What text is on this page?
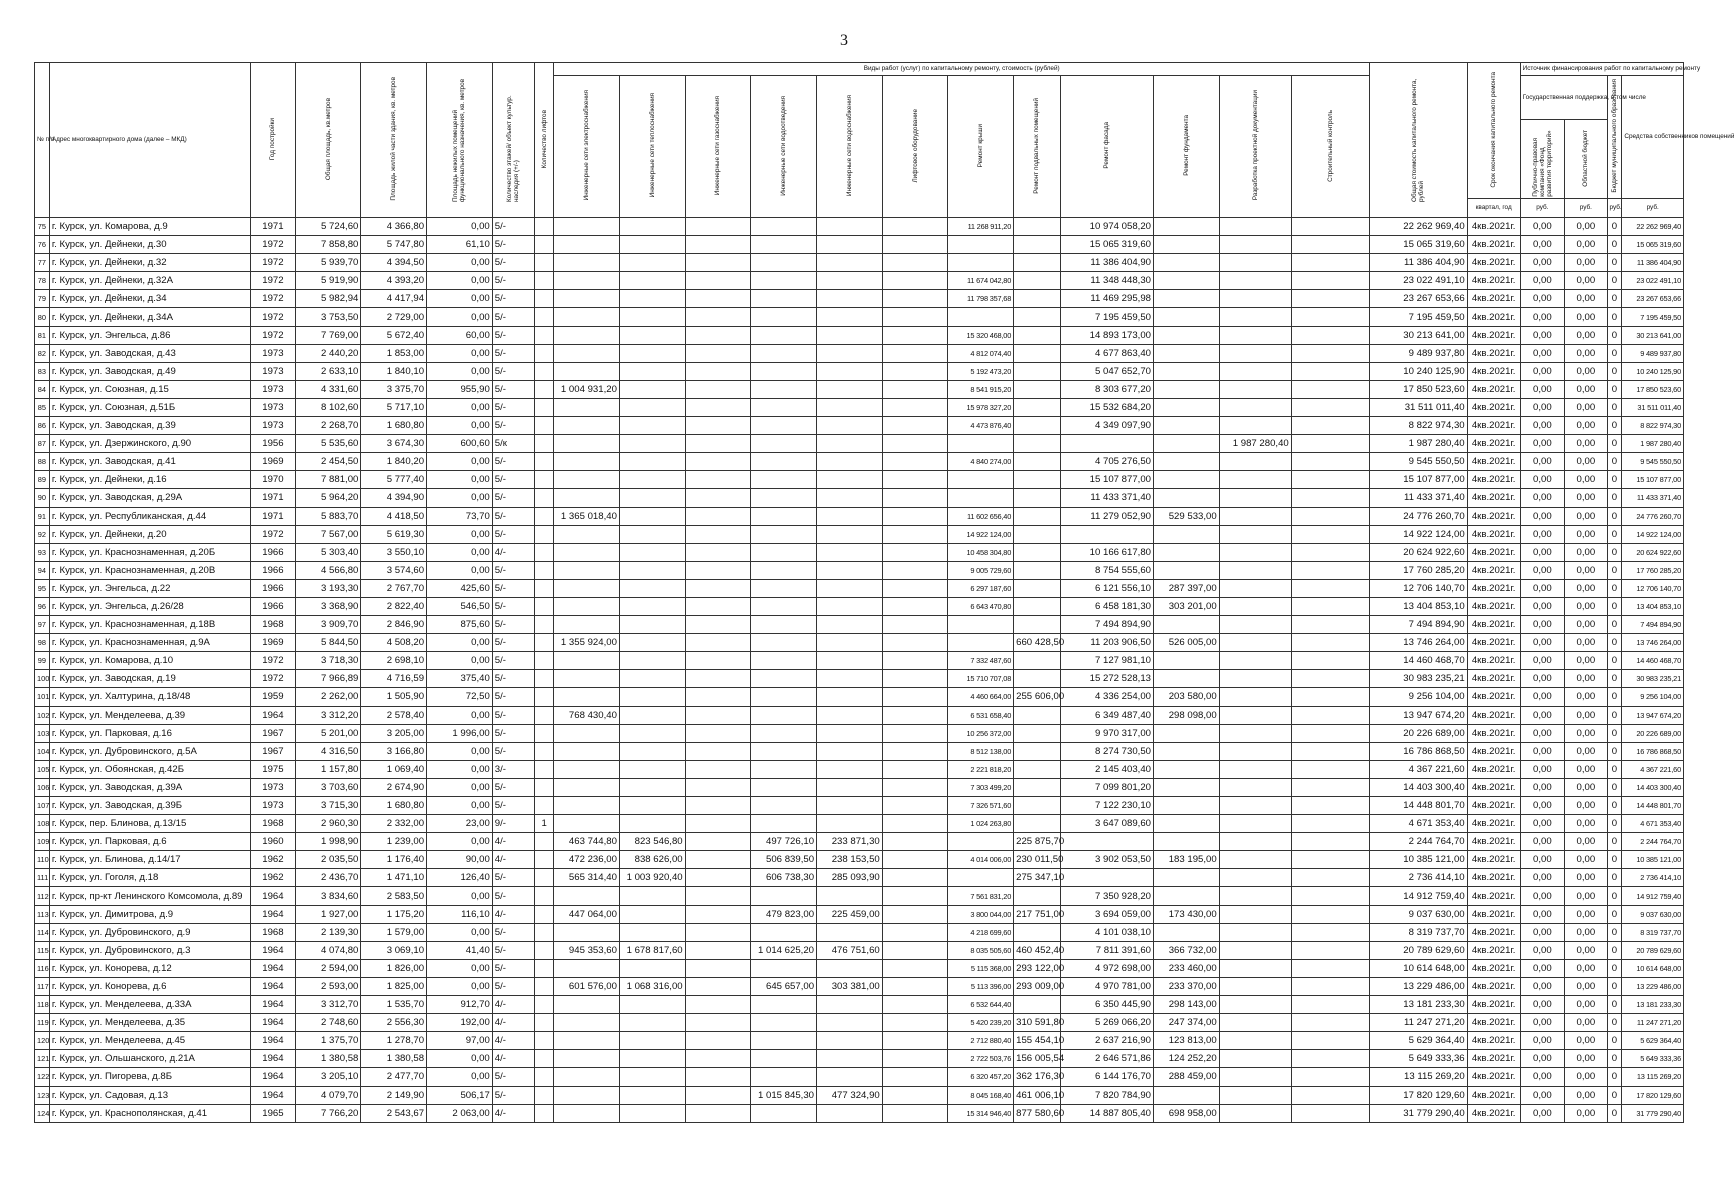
3
№ п/п	Адрес многоквартирного дома (далее – МКД)	Год постройки	Общая площадь, кв.метров	Площадь жилой части здания, кв. метров	Площадь нежилых помещений функционального назначения, кв. метров	Количество этажей/ объект культур. наследия (+/-)	Количество лифтов	Виды работ (услуг) по капитальному ремонту, стоимость (рублей)												Общая стоимость капитального ремонта, рублей	Срок окончания капитального ремонта	Источник финансирования работ по капитальному ремонту			
								Инженерные сети электроснабжения	Инженерные сети теплоснабжения	Инженерные сети газоснабжения	Инженерные сети водоотведения	Инженерные сети водоснабжения	Лифтовое оборудование	Ремонт крыши	Ремонт подвальных помещений	Ремонт фасада	Ремонт фундамента	Разработка проектной документации	Строительный контроль			Государственная поддержка, в том числе		Бюджет муниципального образования	Средства собственников помещений
																						Публично-правовая компания «Фонд развития территорий»	Областной бюджет		
																					квартал, год	руб.	руб.	руб.	руб.
75	г. Курск, ул. Комарова, д.9	1971	5 724,60	4 366,80	0,00	5/-								11 268 911,20		10 974 058,20				22 262 969,40	4кв.2021г.	0,00	0,00	0	22 262 969,40
76	г. Курск, ул. Дейнеки, д.30	1972	7 858,80	5 747,80	61,10	5/-										15 065 319,60				15 065 319,60	4кв.2021г.	0,00	0,00	0	15 065 319,60
77	г. Курск, ул. Дейнеки, д.32	1972	5 939,70	4 394,50	0,00	5/-										11 386 404,90				11 386 404,90	4кв.2021г.	0,00	0,00	0	11 386 404,90
78	г. Курск, ул. Дейнеки, д.32А	1972	5 919,90	4 393,20	0,00	5/-								11 674 042,80		11 348 448,30				23 022 491,10	4кв.2021г.	0,00	0,00	0	23 022 491,10
79	г. Курск, ул. Дейнеки, д.34	1972	5 982,94	4 417,94	0,00	5/-								11 798 357,68		11 469 295,98				23 267 653,66	4кв.2021г.	0,00	0,00	0	23 267 653,66
80	г. Курск, ул. Дейнеки, д.34А	1972	3 753,50	2 729,00	0,00	5/-										7 195 459,50				7 195 459,50	4кв.2021г.	0,00	0,00	0	7 195 459,50
81	г. Курск, ул. Энгельса, д.86	1972	7 769,00	5 672,40	60,00	5/-								15 320 468,00		14 893 173,00				30 213 641,00	4кв.2021г.	0,00	0,00	0	30 213 641,00
82	г. Курск, ул. Заводская, д.43	1973	2 440,20	1 853,00	0,00	5/-								4 812 074,40		4 677 863,40				9 489 937,80	4кв.2021г.	0,00	0,00	0	9 489 937,80
83	г. Курск, ул. Заводская, д.49	1973	2 633,10	1 840,10	0,00	5/-								5 192 473,20		5 047 652,70				10 240 125,90	4кв.2021г.	0,00	0,00	0	10 240 125,90
84	г. Курск, ул. Союзная, д.15	1973	4 331,60	3 375,70	955,90	5/-		1 004 931,20						8 541 915,20		8 303 677,20				17 850 523,60	4кв.2021г.	0,00	0,00	0	17 850 523,60
85	г. Курск, ул. Союзная, д.51Б	1973	8 102,60	5 717,10	0,00	5/-								15 978 327,20		15 532 684,20				31 511 011,40	4кв.2021г.	0,00	0,00	0	31 511 011,40
86	г. Курск, ул. Заводская, д.39	1973	2 268,70	1 680,80	0,00	5/-								4 473 876,40		4 349 097,90				8 822 974,30	4кв.2021г.	0,00	0,00	0	8 822 974,30
87	г. Курск, ул. Дзержинского, д.90	1956	5 535,60	3 674,30	600,60	5/к												1 987 280,40		1 987 280,40	4кв.2021г.	0,00	0,00	0	1 987 280,40
88	г. Курск, ул. Заводская, д.41	1969	2 454,50	1 840,20	0,00	5/-								4 840 274,00		4 705 276,50				9 545 550,50	4кв.2021г.	0,00	0,00	0	9 545 550,50
89	г. Курск, ул. Дейнеки, д.16	1970	7 881,00	5 777,40	0,00	5/-										15 107 877,00				15 107 877,00	4кв.2021г.	0,00	0,00	0	15 107 877,00
90	г. Курск, ул. Заводская, д.29А	1971	5 964,20	4 394,90	0,00	5/-										11 433 371,40				11 433 371,40	4кв.2021г.	0,00	0,00	0	11 433 371,40
91	г. Курск, ул. Республиканская, д.44	1971	5 883,70	4 418,50	73,70	5/-		1 365 018,40						11 602 656,40		11 279 052,90	529 533,00			24 776 260,70	4кв.2021г.	0,00	0,00	0	24 776 260,70
92	г. Курск, ул. Дейнеки, д.20	1972	7 567,00	5 619,30	0,00	5/-								14 922 124,00						14 922 124,00	4кв.2021г.	0,00	0,00	0	14 922 124,00
93	г. Курск, ул. Краснознаменная, д.20Б	1966	5 303,40	3 550,10	0,00	4/-								10 458 304,80		10 166 617,80				20 624 922,60	4кв.2021г.	0,00	0,00	0	20 624 922,60
94	г. Курск, ул. Краснознаменная, д.20В	1966	4 566,80	3 574,60	0,00	5/-								9 005 729,60		8 754 555,60				17 760 285,20	4кв.2021г.	0,00	0,00	0	17 760 285,20
95	г. Курск, ул. Энгельса, д.22	1966	3 193,30	2 767,70	425,60	5/-								6 297 187,60		6 121 556,10	287 397,00			12 706 140,70	4кв.2021г.	0,00	0,00	0	12 706 140,70
96	г. Курск, ул. Энгельса, д.26/28	1966	3 368,90	2 822,40	546,50	5/-								6 643 470,80		6 458 181,30	303 201,00			13 404 853,10	4кв.2021г.	0,00	0,00	0	13 404 853,10
97	г. Курск, ул. Краснознаменная, д.18В	1968	3 909,70	2 846,90	875,60	5/-										7 494 894,90				7 494 894,90	4кв.2021г.	0,00	0,00	0	7 494 894,90
98	г. Курск, ул. Краснознаменная, д.9А	1969	5 844,50	4 508,20	0,00	5/-		1 355 924,00							660 428,50	11 203 906,50	526 005,00			13 746 264,00	4кв.2021г.	0,00	0,00	0	13 746 264,00
99	г. Курск, ул. Комарова, д.10	1972	3 718,30	2 698,10	0,00	5/-								7 332 487,60		7 127 981,10				14 460 468,70	4кв.2021г.	0,00	0,00	0	14 460 468,70
100	г. Курск, ул. Заводская, д.19	1972	7 966,89	4 716,59	375,40	5/-								15 710 707,08		15 272 528,13				30 983 235,21	4кв.2021г.	0,00	0,00	0	30 983 235,21
101	г. Курск, ул. Халтурина, д.18/48	1959	2 262,00	1 505,90	72,50	5/-								4 460 664,00	255 606,00	4 336 254,00	203 580,00			9 256 104,00	4кв.2021г.	0,00	0,00	0	9 256 104,00
102	г. Курск, ул. Менделеева, д.39	1964	3 312,20	2 578,40	0,00	5/-		768 430,40						6 531 658,40		6 349 487,40	298 098,00			13 947 674,20	4кв.2021г.	0,00	0,00	0	13 947 674,20
103	г. Курск, ул. Парковая, д.16	1967	5 201,00	3 205,00	1 996,00	5/-								10 256 372,00		9 970 317,00				20 226 689,00	4кв.2021г.	0,00	0,00	0	20 226 689,00
104	г. Курск, ул. Дубровинского, д.5А	1967	4 316,50	3 166,80	0,00	5/-								8 512 138,00		8 274 730,50				16 786 868,50	4кв.2021г.	0,00	0,00	0	16 786 868,50
105	г. Курск, ул. Обоянская, д.42Б	1975	1 157,80	1 069,40	0,00	3/-								2 221 818,20		2 145 403,40				4 367 221,60	4кв.2021г.	0,00	0,00	0	4 367 221,60
106	г. Курск, ул. Заводская, д.39А	1973	3 703,60	2 674,90	0,00	5/-								7 303 499,20		7 099 801,20				14 403 300,40	4кв.2021г.	0,00	0,00	0	14 403 300,40
107	г. Курск, ул. Заводская, д.39Б	1973	3 715,30	1 680,80	0,00	5/-								7 326 571,60		7 122 230,10				14 448 801,70	4кв.2021г.	0,00	0,00	0	14 448 801,70
108	г. Курск, пер. Блинова, д.13/15	1968	2 960,30	2 332,00	23,00	9/-	1							1 024 263,80		3 647 089,60				4 671 353,40	4кв.2021г.	0,00	0,00	0	4 671 353,40
109	г. Курск, ул. Парковая, д.6	1960	1 998,90	1 239,00	0,00	4/-		463 744,80	823 546,80		497 726,10	233 871,30			225 875,70					2 244 764,70	4кв.2021г.	0,00	0,00	0	2 244 764,70
110	г. Курск, ул. Блинова, д.14/17	1962	2 035,50	1 176,40	90,00	4/-		472 236,00	838 626,00		506 839,50	238 153,50		4 014 006,00	230 011,50	3 902 053,50	183 195,00			10 385 121,00	4кв.2021г.	0,00	0,00	0	10 385 121,00
111	г. Курск, ул. Гоголя, д.18	1962	2 436,70	1 471,10	126,40	5/-		565 314,40	1 003 920,40		606 738,30	285 093,90			275 347,10					2 736 414,10	4кв.2021г.	0,00	0,00	0	2 736 414,10
112	г. Курск, пр-кт Ленинского Комсомола, д.89	1964	3 834,60	2 583,50	0,00	5/-								7 561 831,20		7 350 928,20				14 912 759,40	4кв.2021г.	0,00	0,00	0	14 912 759,40
113	г. Курск, ул. Димитрова, д.9	1964	1 927,00	1 175,20	116,10	4/-		447 064,00			479 823,00	225 459,00		3 800 044,00	217 751,00	3 694 059,00	173 430,00			9 037 630,00	4кв.2021г.	0,00	0,00	0	9 037 630,00
114	г. Курск, ул. Дубровинского, д.9	1968	2 139,30	1 579,00	0,00	5/-								4 218 699,60		4 101 038,10				8 319 737,70	4кв.2021г.	0,00	0,00	0	8 319 737,70
115	г. Курск, ул. Дубровинского, д.3	1964	4 074,80	3 069,10	41,40	5/-		945 353,60	1 678 817,60		1 014 625,20	476 751,60		8 035 505,60	460 452,40	7 811 391,60	366 732,00			20 789 629,60	4кв.2021г.	0,00	0,00	0	20 789 629,60
116	г. Курск, ул. Конорева, д.12	1964	2 594,00	1 826,00	0,00	5/-								5 115 368,00	293 122,00	4 972 698,00	233 460,00			10 614 648,00	4кв.2021г.	0,00	0,00	0	10 614 648,00
117	г. Курск, ул. Конорева, д.6	1964	2 593,00	1 825,00	0,00	5/-		601 576,00	1 068 316,00		645 657,00	303 381,00		5 113 396,00	293 009,00	4 970 781,00	233 370,00			13 229 486,00	4кв.2021г.	0,00	0,00	0	13 229 486,00
118	г. Курск, ул. Менделеева, д.33А	1964	3 312,70	1 535,70	912,70	4/-								6 532 644,40		6 350 445,90	298 143,00			13 181 233,30	4кв.2021г.	0,00	0,00	0	13 181 233,30
119	г. Курск, ул. Менделеева, д.35	1964	2 748,60	2 556,30	192,00	4/-								5 420 239,20	310 591,80	5 269 066,20	247 374,00			11 247 271,20	4кв.2021г.	0,00	0,00	0	11 247 271,20
120	г. Курск, ул. Менделеева, д.45	1964	1 375,70	1 278,70	97,00	4/-								2 712 880,40	155 454,10	2 637 216,90	123 813,00			5 629 364,40	4кв.2021г.	0,00	0,00	0	5 629 364,40
121	г. Курск, ул. Ольшанского, д.21А	1964	1 380,58	1 380,58	0,00	4/-								2 722 503,76	156 005,54	2 646 571,86	124 252,20			5 649 333,36	4кв.2021г.	0,00	0,00	0	5 649 333,36
122	г. Курск, ул. Пигорева, д.8Б	1964	3 205,10	2 477,70	0,00	5/-								6 320 457,20	362 176,30	6 144 176,70	288 459,00			13 115 269,20	4кв.2021г.	0,00	0,00	0	13 115 269,20
123	г. Курск, ул. Садовая, д.13	1964	4 079,70	2 149,90	506,17	5/-					1 015 845,30	477 324,90		8 045 168,40	461 006,10	7 820 784,90				17 820 129,60	4кв.2021г.	0,00	0,00	0	17 820 129,60
124	г. Курск, ул. Краснополянская, д.41	1965	7 766,20	2 543,67	2 063,00	4/-								15 314 946,40	877 580,60	14 887 805,40	698 958,00			31 779 290,40	4кв.2021г.	0,00	0,00	0	31 779 290,40
